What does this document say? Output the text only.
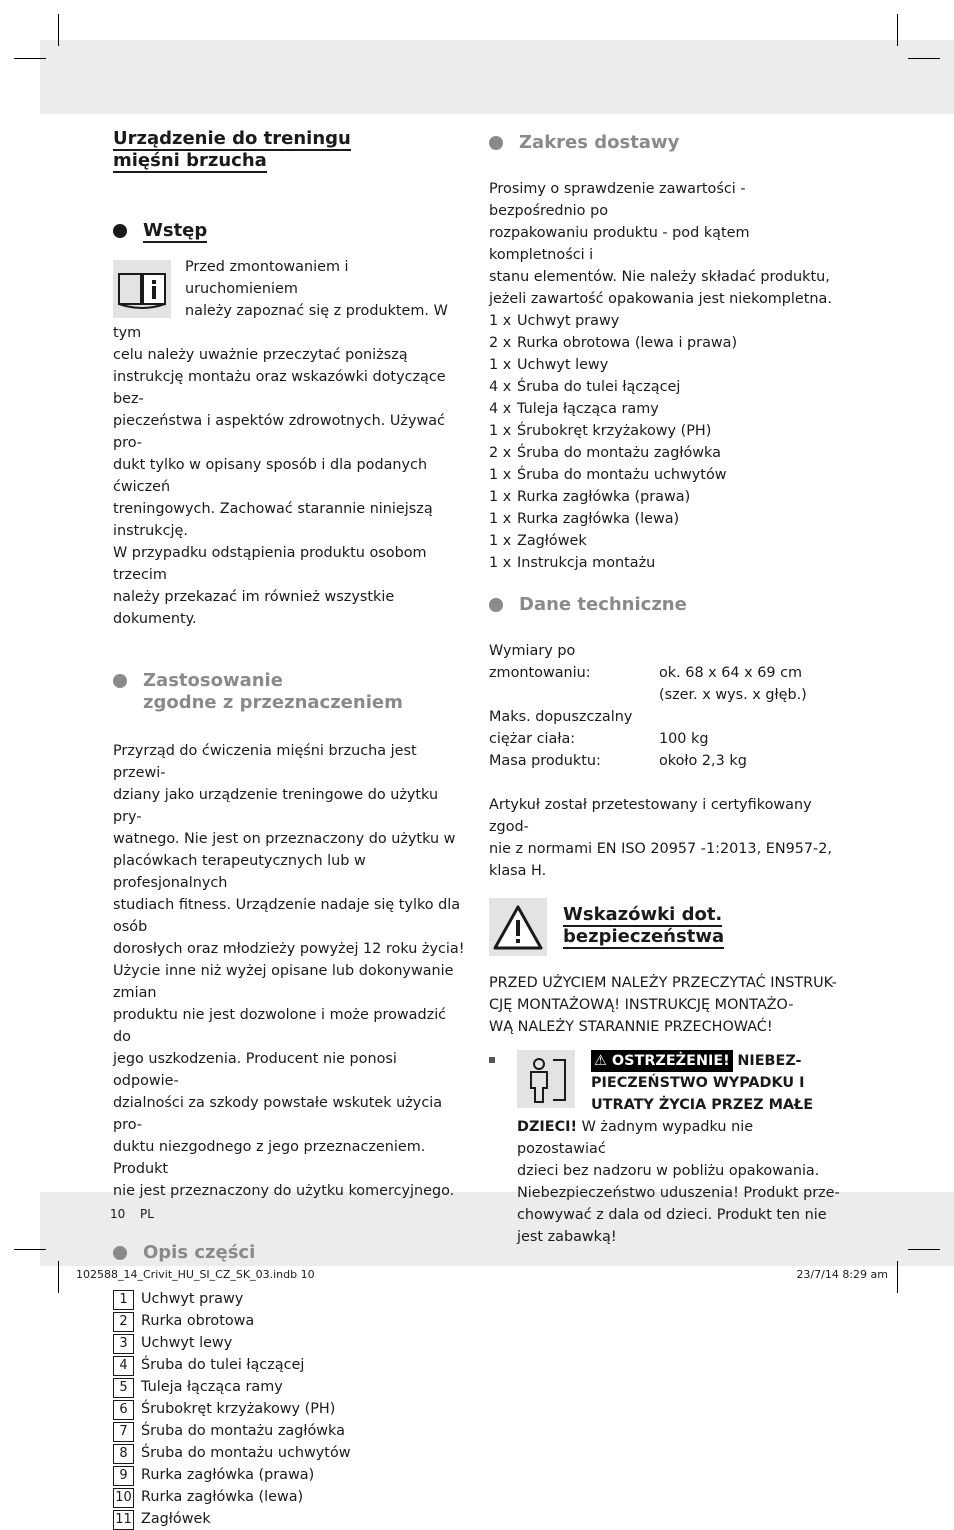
Urządzenie do treningu
mięśni brzucha
Wstęp

Przed zmontowaniem i uruchomieniem
należy zapoznać się z produktem. W tym
celu należy uważnie przeczytać poniższą
instrukcję montażu oraz wskazówki dotyczące bez-
pieczeństwa i aspektów zdrowotnych. Używać pro-
dukt tylko w opisany sposób i dla podanych ćwiczeń
treningowych. Zachować starannie niniejszą instrukcję.
W przypadku odstąpienia produktu osobom trzecim
należy przekazać im również wszystkie dokumenty.

Zastosowanie
zgodne z przeznaczeniem

Przyrząd do ćwiczenia mięśni brzucha jest przewi-
dziany jako urządzenie treningowe do użytku pry-
watnego. Nie jest on przeznaczony do użytku w
placówkach terapeutycznych lub w profesjonalnych
studiach fitness. Urządzenie nadaje się tylko dla osób
dorosłych oraz młodzieży powyżej 12 roku życia!
Użycie inne niż wyżej opisane lub dokonywanie zmian
produktu nie jest dozwolone i może prowadzić do
jego uszkodzenia. Producent nie ponosi odpowie-
dzialności za szkody powstałe wskutek użycia pro-
duktu niezgodnego z jego przeznaczeniem. Produkt
nie jest przeznaczony do użytku komercyjnego.

Opis części
1 Uchwyt prawy
2 Rurka obrotowa
3 Uchwyt lewy
4 Śruba do tulei łączącej
5 Tuleja łącząca ramy
6 Śrubokręt krzyżakowy (PH)
7 Śruba do montażu zagłówka
8 Śruba do montażu uchwytów
9 Rurka zagłówka (prawa)
10 Rurka zagłówka (lewa)
11 Zagłówek
Zakres dostawy

Prosimy o sprawdzenie zawartości - bezpośrednio po
rozpakowaniu produktu - pod kątem kompletności i
stanu elementów. Nie należy składać produktu,
jeżeli zawartość opakowania jest niekompletna.

1 x Uchwyt prawy
2 x Rurka obrotowa (lewa i prawa)
1 x Uchwyt lewy
4 x Śruba do tulei łączącej
4 x Tuleja łącząca ramy
1 x Śrubokręt krzyżakowy (PH)
2 x Śruba do montażu zagłówka
1 x Śruba do montażu uchwytów
1 x Rurka zagłówka (prawa)
1 x Rurka zagłówka (lewa)
1 x Zagłówek
1 x Instrukcja montażu
Dane techniczne
Wymiary po
zmontowaniu:	ok. 68 x 64 x 69 cm
(szer. x wys. x głęb.)
Maks. dopuszczalny
ciężar ciała:	100 kg
Masa produktu:	około 2,3 kg

Artykuł został przetestowany i certyfikowany zgod-
nie z normami EN ISO 20957 -1:2013, EN957-2,
klasa H.

Wskazówki dot.
bezpieczeństwa

PRZED UŻYCIEM NALEŻY PRZECZYTAĆ INSTRUK-
CJĘ MONTAŻOWĄ! INSTRUKCJĘ MONTAŻO-
WĄ NALEŻY STARANNIE PRZECHOWAĆ!

⚠ OSTRZEŻENIE! NIEBEZ-
PIECZEŃSTWO WYPADKU I
UTRATY ŻYCIA PRZEZ MAŁE
DZIECI! W żadnym wypadku nie pozostawiać
dzieci bez nadzoru w pobliżu opakowania.
Niebezpieczeństwo uduszenia! Produkt prze-
chowywać z dala od dzieci. Produkt ten nie
jest zabawką!
10 PL
102588_14_Crivit_HU_SI_CZ_SK_03.indb 10	23/7/14 8:29 am
